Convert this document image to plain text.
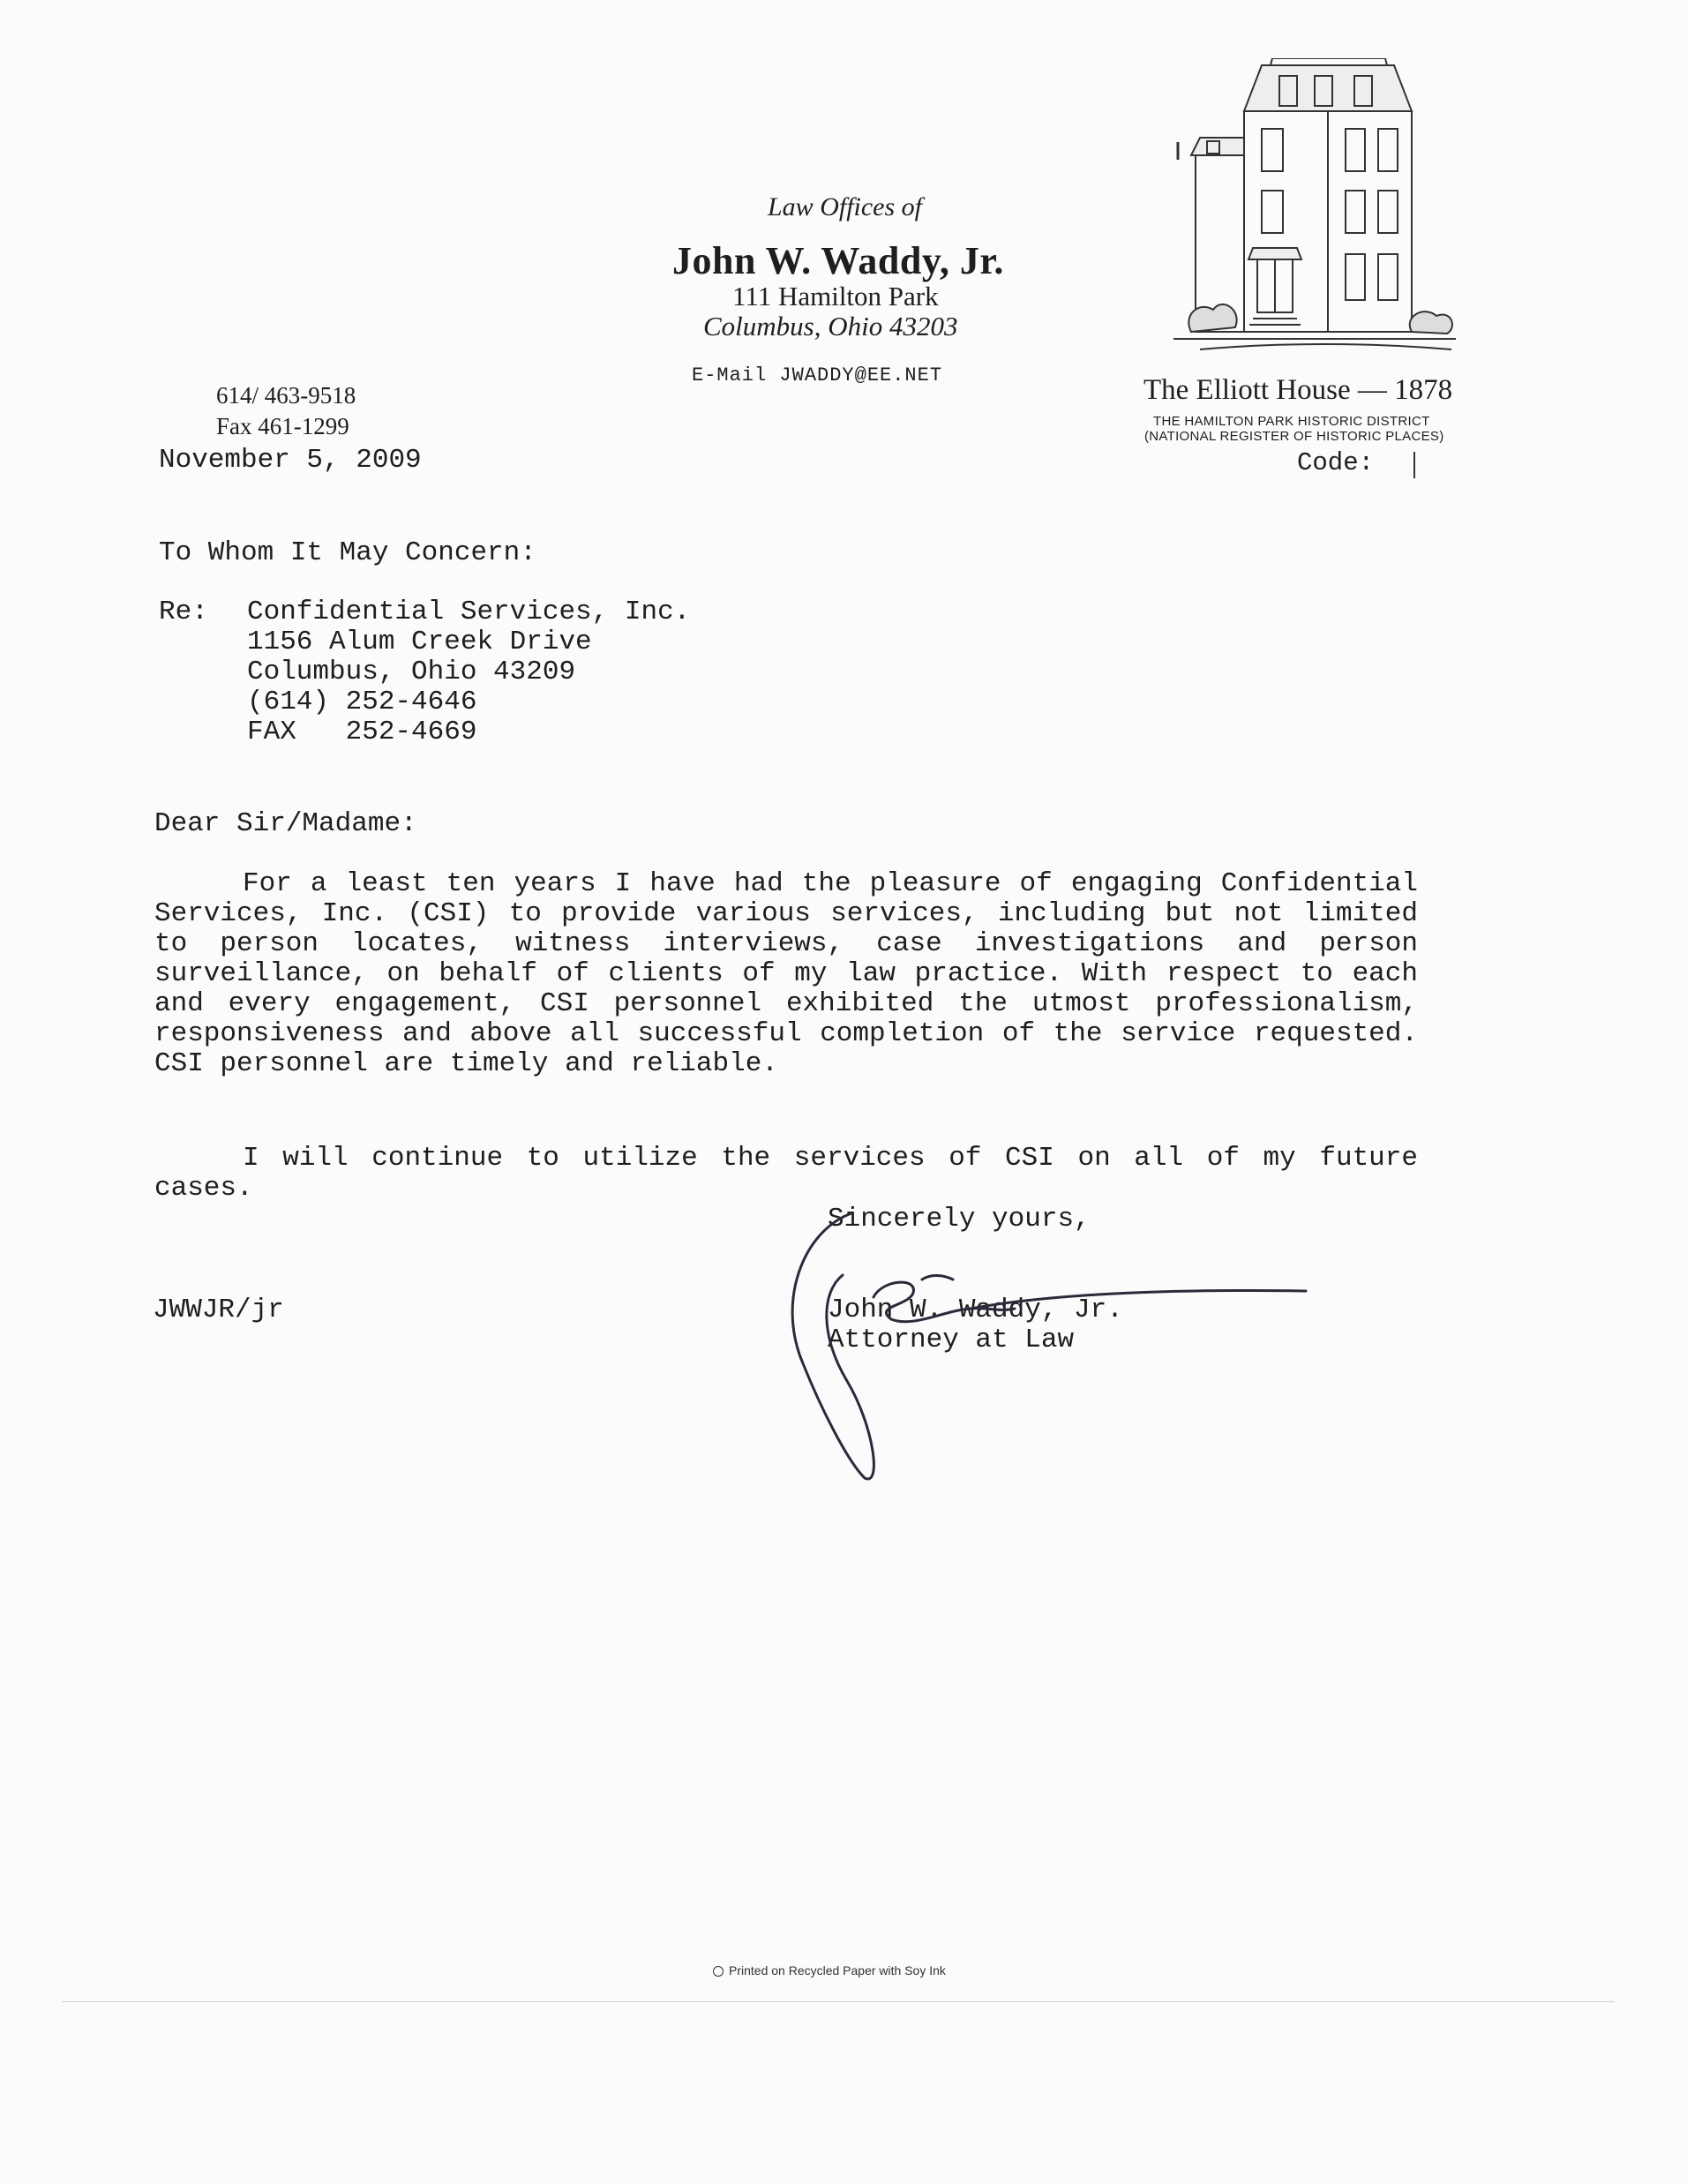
Law Offices of
John W. Waddy, Jr.
111 Hamilton Park
Columbus, Ohio 43203
E-Mail JWADDY@EE.NET
614/ 463-9518
Fax 461-1299
The Elliott House — 1878
THE HAMILTON PARK HISTORIC DISTRICT
(NATIONAL REGISTER OF HISTORIC PLACES)
Code:
November 5, 2009
To Whom It May Concern:
Re: Confidential Services, Inc.
1156 Alum Creek Drive
Columbus, Ohio 43209
(614) 252-4646
FAX   252-4669
Dear Sir/Madame:
For a least ten years I have had the pleasure of engaging Confidential Services, Inc. (CSI) to provide various services, including but not limited to person locates, witness interviews, case investigations and person surveillance, on behalf of clients of my law practice. With respect to each and every engagement, CSI personnel exhibited the utmost professionalism, responsiveness and above all successful completion of the service requested. CSI personnel are timely and reliable.
I will continue to utilize the services of CSI on all of my future cases.
Sincerely yours,
John W. Waddy, Jr.
Attorney at Law
JWWJR/jr
Printed on Recycled Paper with Soy Ink
